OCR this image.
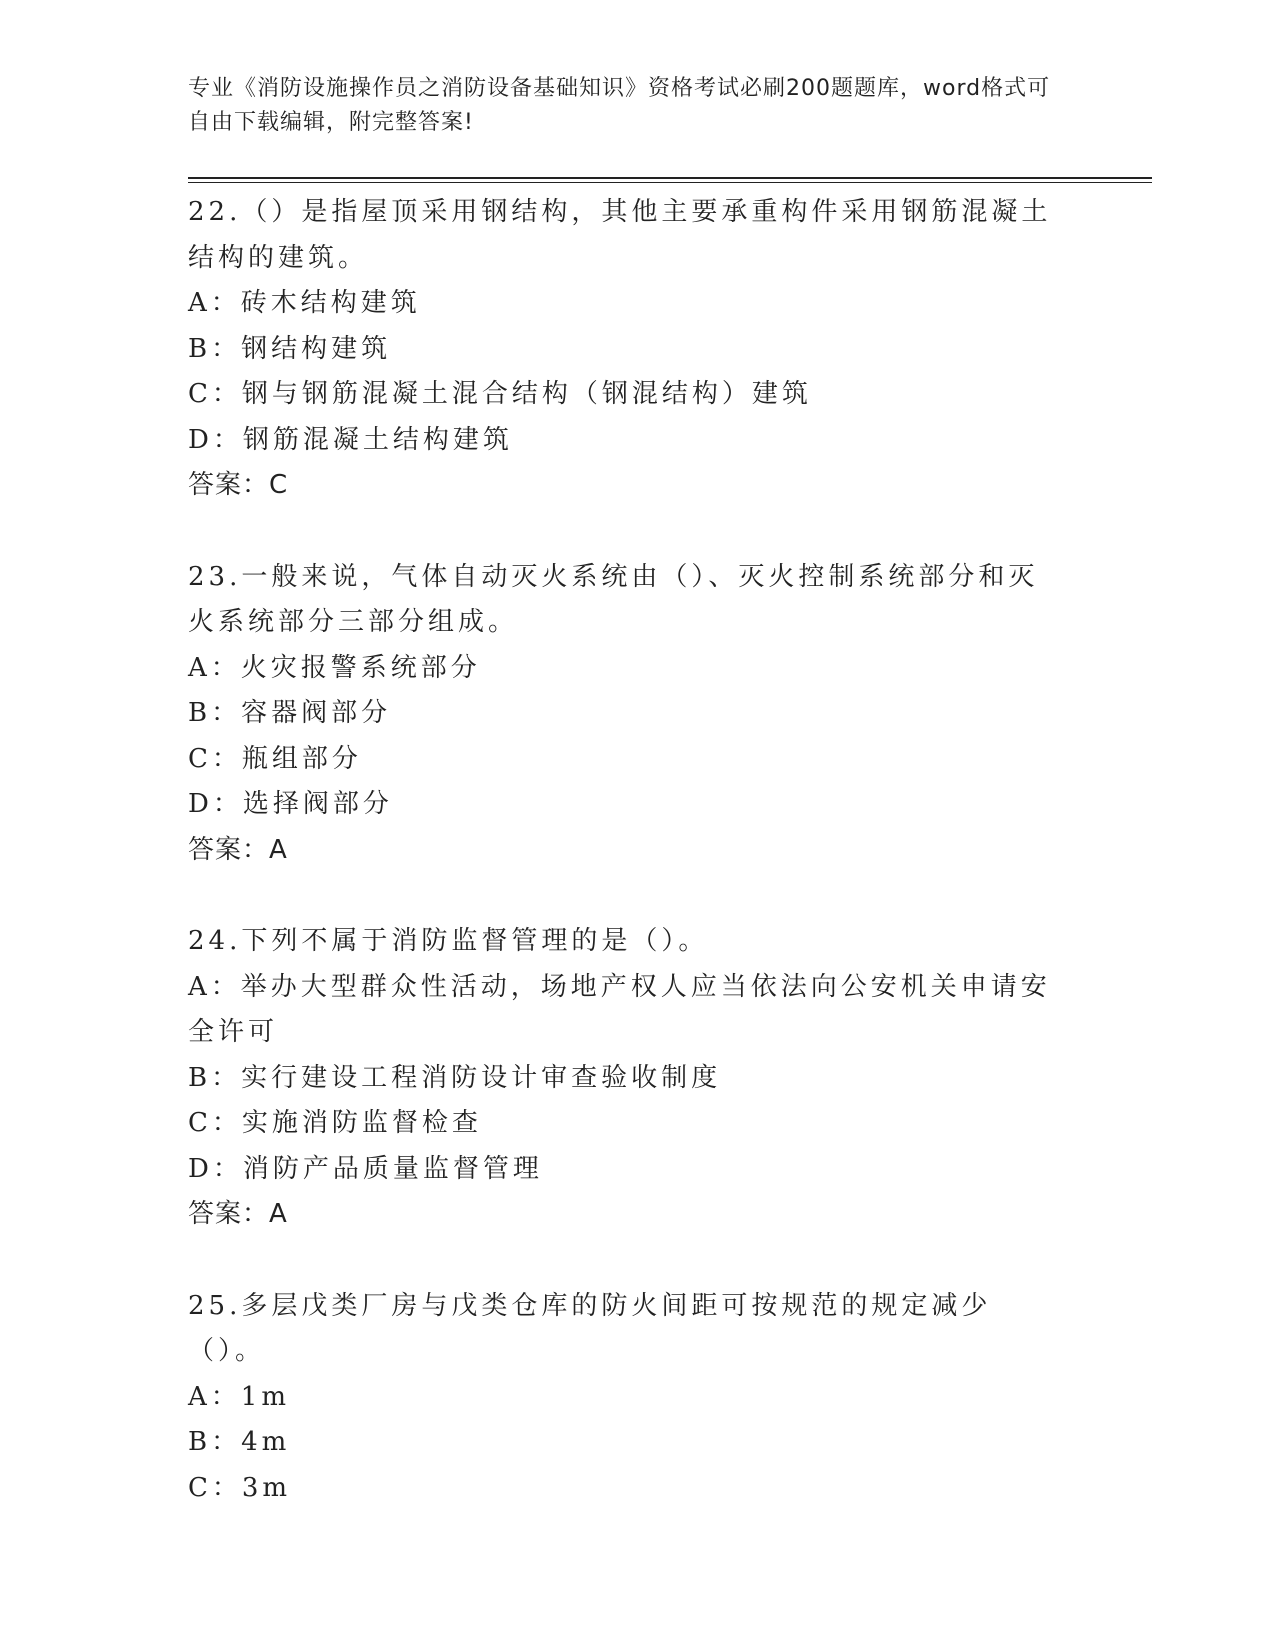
专业《消防设施操作员之消防设备基础知识》资格考试必刷200题题库，word格式可自由下载编辑，附完整答案!
22.（）是指屋顶采用钢结构，其他主要承重构件采用钢筋混凝土结构的建筑。
A：砖木结构建筑
B：钢结构建筑
C：钢与钢筋混凝土混合结构（钢混结构）建筑
D：钢筋混凝土结构建筑
答案：C
23.一般来说，气体自动灭火系统由（）、灭火控制系统部分和灭火系统部分三部分组成。
A：火灾报警系统部分
B：容器阀部分
C：瓶组部分
D：选择阀部分
答案：A
24.下列不属于消防监督管理的是（）。
A：举办大型群众性活动，场地产权人应当依法向公安机关申请安全许可
B：实行建设工程消防设计审查验收制度
C：实施消防监督检查
D：消防产品质量监督管理
答案：A
25.多层戊类厂房与戊类仓库的防火间距可按规范的规定减少（）。
A：1m
B：4m
C：3m
